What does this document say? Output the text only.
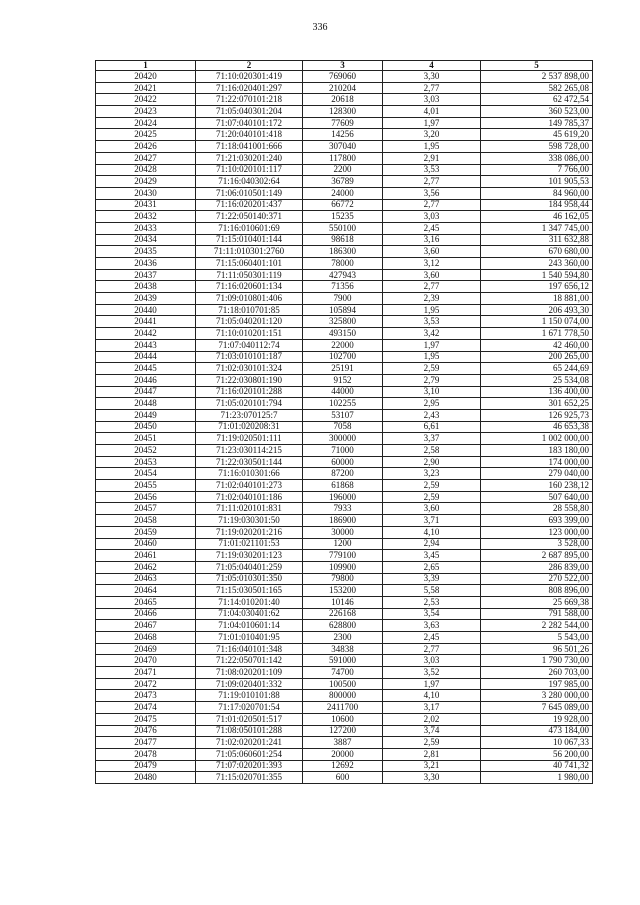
336
1	2	3	4	5
20420	71:10:020301:419	769060	3,30	2 537 898,00
20421	71:16:020401:297	210204	2,77	582 265,08
20422	71:22:070101:218	20618	3,03	62 472,54
20423	71:05:040301:204	128300	4,01	360 523,00
20424	71:07:040101:172	77609	1,97	149 785,37
20425	71:20:040101:418	14256	3,20	45 619,20
20426	71:18:041001:666	307040	1,95	598 728,00
20427	71:21:030201:240	117800	2,91	338 086,00
20428	71:10:020101:117	2200	3,53	7 766,00
20429	71:16:040302:64	36789	2,77	101 905,53
20430	71:06:010501:149	24000	3,56	84 960,00
20431	71:16:020201:437	66772	2,77	184 958,44
20432	71:22:050140:371	15235	3,03	46 162,05
20433	71:16:010601:69	550100	2,45	1 347 745,00
20434	71:15:010401:144	98618	3,16	311 632,88
20435	71:11:010301:2760	186300	3,60	670 680,00
20436	71:15:060401:101	78000	3,12	243 360,00
20437	71:11:050301:119	427943	3,60	1 540 594,80
20438	71:16:020601:134	71356	2,77	197 656,12
20439	71:09:010801:406	7900	2,39	18 881,00
20440	71:18:010701:85	105894	1,95	206 493,30
20441	71:05:040201:120	325800	3,53	1 150 074,00
20442	71:10:010201:151	493150	3,42	1 671 778,50
20443	71:07:040112:74	22000	1,97	42 460,00
20444	71:03:010101:187	102700	1,95	200 265,00
20445	71:02:030101:324	25191	2,59	65 244,69
20446	71:22:030801:190	9152	2,79	25 534,08
20447	71:16:020101:288	44000	3,10	136 400,00
20448	71:05:020101:794	102255	2,95	301 652,25
20449	71:23:070125:7	53107	2,43	126 925,73
20450	71:01:020208:31	7058	6,61	46 653,38
20451	71:19:020501:111	300000	3,37	1 002 000,00
20452	71:23:030114:215	71000	2,58	183 180,00
20453	71:22:030501:144	60000	2,90	174 000,00
20454	71:16:010301:66	87200	3,23	279 040,00
20455	71:02:040101:273	61868	2,59	160 238,12
20456	71:02:040101:186	196000	2,59	507 640,00
20457	71:11:020101:831	7933	3,60	28 558,80
20458	71:19:030301:50	186900	3,71	693 399,00
20459	71:19:020201:216	30000	4,10	123 000,00
20460	71:01:021101:53	1200	2,94	3 528,00
20461	71:19:030201:123	779100	3,45	2 687 895,00
20462	71:05:040401:259	109900	2,65	286 839,00
20463	71:05:010301:350	79800	3,39	270 522,00
20464	71:15:030501:165	153200	5,58	808 896,00
20465	71:14:010201:40	10146	2,53	25 669,38
20466	71:04:030401:62	226168	3,54	791 588,00
20467	71:04:010601:14	628800	3,63	2 282 544,00
20468	71:01:010401:95	2300	2,45	5 543,00
20469	71:16:040101:348	34838	2,77	96 501,26
20470	71:22:050701:142	591000	3,03	1 790 730,00
20471	71:08:020201:109	74700	3,52	260 703,00
20472	71:09:020401:332	100500	1,97	197 985,00
20473	71:19:010101:88	800000	4,10	3 280 000,00
20474	71:17:020701:54	2411700	3,17	7 645 089,00
20475	71:01:020501:517	10600	2,02	19 928,00
20476	71:08:050101:288	127200	3,74	473 184,00
20477	71:02:020201:241	3887	2,59	10 067,33
20478	71:05:060601:254	20000	2,81	56 200,00
20479	71:07:020201:393	12692	3,21	40 741,32
20480	71:15:020701:355	600	3,30	1 980,00
